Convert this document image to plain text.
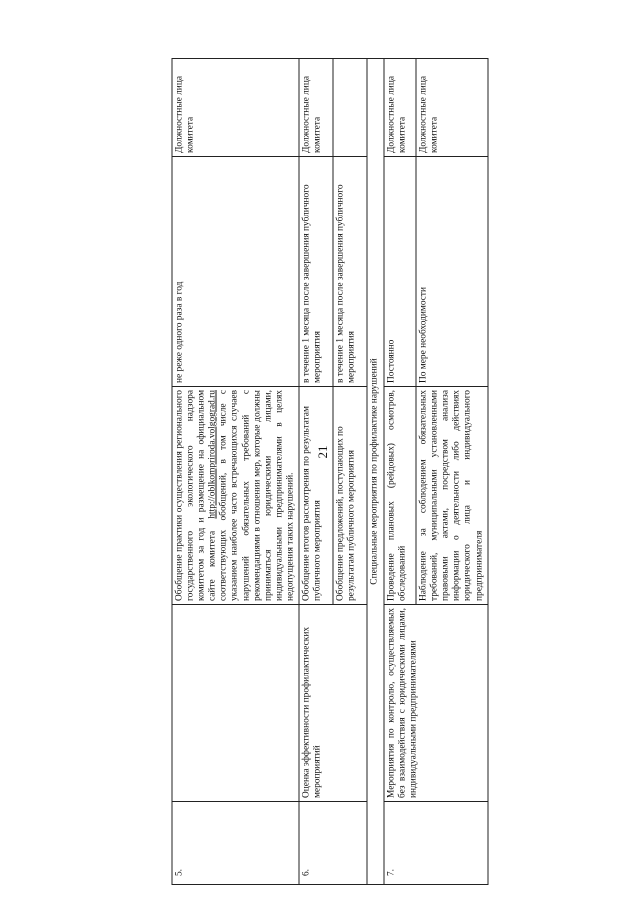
21
5.		Обобщение практики осуществления регионального государственного экологического надзора комитетом за год и размещение на официальном сайте комитета http://oblkompriroda.volgograd.ru соответствующих обобщений, в том числе с указанием наиболее часто встречающихся случаев нарушений обязательных требований с рекомендациями в отношении мер, которые должны приниматься юридическими лицами, индивидуальными предпринимателями в целях недопущения таких нарушений.	не реже одного раза в год	Должностные лица комитета
6.	Оценка эффективности профилактических мероприятий	Обобщение итогов рассмотрения по результатам публичного мероприятия	в течение 1 месяца после завершения публичного мероприятия	Должностные лица комитета
		Обобщение предложений, поступающих по результатам публичного мероприятия	в течение 1 месяца после завершения публичного мероприятия	
Специальные мероприятия по профилактике нарушений				
7.	Мероприятия по контролю, осуществляемых без взаимодействия с юридическими лицами, индивидуальными предпринимателями	Проведение плановых (рейдовых) осмотров, обследований	Постоянно	Должностные лица комитета
		Наблюдение за соблюдением обязательных требований, муниципальными установленными правовыми актами, посредством анализа информации о деятельности либо действиях юридического лица и индивидуального предпринимателя	По мере необходимости	Должностные лица комитета
